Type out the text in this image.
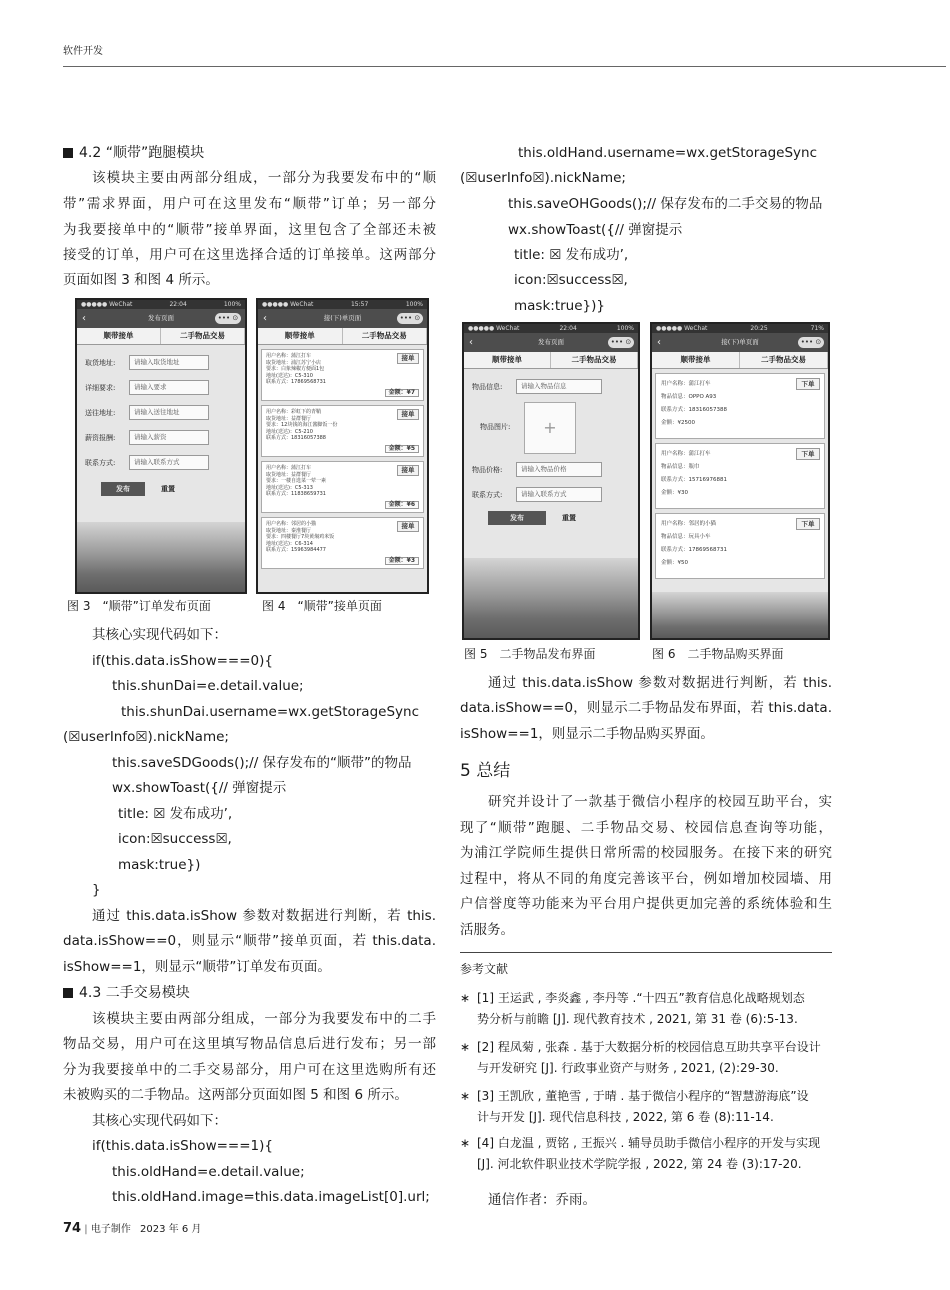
软件开发
4.2 “顺带”跑腿模块
该模块主要由两部分组成，一部分为我要发布中的“顺
带”需求界面，用户可在这里发布“顺带”订单；另一部分
为我要接单中的“顺带”接单界面，这里包含了全部还未被
接受的订单，用户可在这里选择合适的订单接单。这两部分
页面如图 3 和图 4 所示。
●●●●● WeChat	22:04	100%
‹	发布页面	••• ⊙
顺带接单	二手物品交易
取货地址:	请输入取货地址
详细要求:	请输入要求
送往地址:	请输入送往地址
薪资报酬:	请输入薪资
联系方式:	请输入联系方式
发布	重置
●●●●● WeChat	15:57	100%
‹	接(下)单页面	••• ⊙
顺带接单	二手物品交易
用户名称：蒲江打车
取货地址：浦江苏宁小店
要求：白象辣椒方便面1包
地址(送达)：C5-310
联系方式：17869568731
接单
金额：¥7
用户名称：彩虹下的青鞘
取货地址：益群餐厅
要求：12块钱的海江酱脚饭一份
地址(送达)：C5-210
联系方式：18316057388
接单
金额：¥5
用户名称：蒲江打车
取货地址：益群餐厅
要求：一楼自选菜一荤一素
地址(送达)：C5-313
联系方式：11838659731
接单
金额：¥6
用户名称：邻居的小猫
取货地址：秦淮餐厅
要求：四楼餐厅7块黄焖鸡米饭
地址(送达)：C6-314
联系方式：15963984477
接单
金额：¥3
图 3　“顺带”订单发布页面	图 4　“顺带”接单页面
其核心实现代码如下：
if(this.data.isShow===0){
this.shunDai=e.detail.value;
this.shunDai.username=wx.getStorageSync
(☒userInfo☒).nickName;
this.saveSDGoods();// 保存发布的“顺带”的物品
wx.showToast({// 弹窗提示
title: ☒ 发布成功’,
icon:☒success☒,
mask:true})
}
通过 this.data.isShow 参数对数据进行判断，若 this.
data.isShow==0，则显示“顺带”接单页面，若 this.data.
isShow==1，则显示“顺带”订单发布页面。
4.3 二手交易模块
该模块主要由两部分组成，一部分为我要发布中的二手
物品交易，用户可在这里填写物品信息后进行发布；另一部
分为我要接单中的二手交易部分，用户可在这里选购所有还
未被购买的二手物品。这两部分页面如图 5 和图 6 所示。
其核心实现代码如下：
if(this.data.isShow===1){
this.oldHand=e.detail.value;
this.oldHand.image=this.data.imageList[0].url;
74 | 电子制作 2023 年 6 月
this.oldHand.username=wx.getStorageSync
(☒userInfo☒).nickName;
this.saveOHGoods();// 保存发布的二手交易的物品
wx.showToast({// 弹窗提示
title: ☒ 发布成功’,
icon:☒success☒,
mask:true})}
●●●●● WeChat	22:04	100%
‹	发布页面	••• ⊙
顺带接单	二手物品交易
物品信息:	请输入物品信息
物品图片:	+
物品价格:	请输入物品价格
联系方式:	请输入联系方式
发布	重置
●●●●● WeChat	20:25	71%
‹	接(下)单页面	••• ⊙
顺带接单	二手物品交易
用户名称：蒲江打车
物品信息：OPPO A93
联系方式：18316057388
金额：¥2500
下单
用户名称：蒲江打车
物品信息：瓶巾
联系方式：15716976881
金额：¥30
下单
用户名称：邻居的小猫
物品信息：玩具小车
联系方式：17869568731
金额：¥50
下单
图 5　二手物品发布界面	图 6　二手物品购买界面
通过 this.data.isShow 参数对数据进行判断，若 this.
data.isShow==0，则显示二手物品发布界面，若 this.data.
isShow==1，则显示二手物品购买界面。
5 总结
研究并设计了一款基于微信小程序的校园互助平台，实
现了“顺带”跑腿、二手物品交易、校园信息查询等功能，
为浦江学院师生提供日常所需的校园服务。在接下来的研究
过程中，将从不同的角度完善该平台，例如增加校园墙、用
户信誉度等功能来为平台用户提供更加完善的系统体验和生
活服务。
参考文献
∗ [1] 王运武 , 李炎鑫 , 李丹等 .“十四五”教育信息化战略规划态
势分析与前瞻 [J]. 现代教育技术 , 2021, 第 31 卷 (6):5-13.
∗ [2] 程凤菊 , 张森 . 基于大数据分析的校园信息互助共享平台设计
与开发研究 [J]. 行政事业资产与财务 , 2021, (2):29-30.
∗ [3] 王凯欣 , 董艳雪 , 于晴 . 基于微信小程序的“智慧游海底”设
计与开发 [J]. 现代信息科技 , 2022, 第 6 卷 (8):11-14.
∗ [4] 白龙温 , 贾铭 , 王振兴 . 辅导员助手微信小程序的开发与实现
[J]. 河北软件职业技术学院学报 , 2022, 第 24 卷 (3):17-20.
通信作者：乔雨。
